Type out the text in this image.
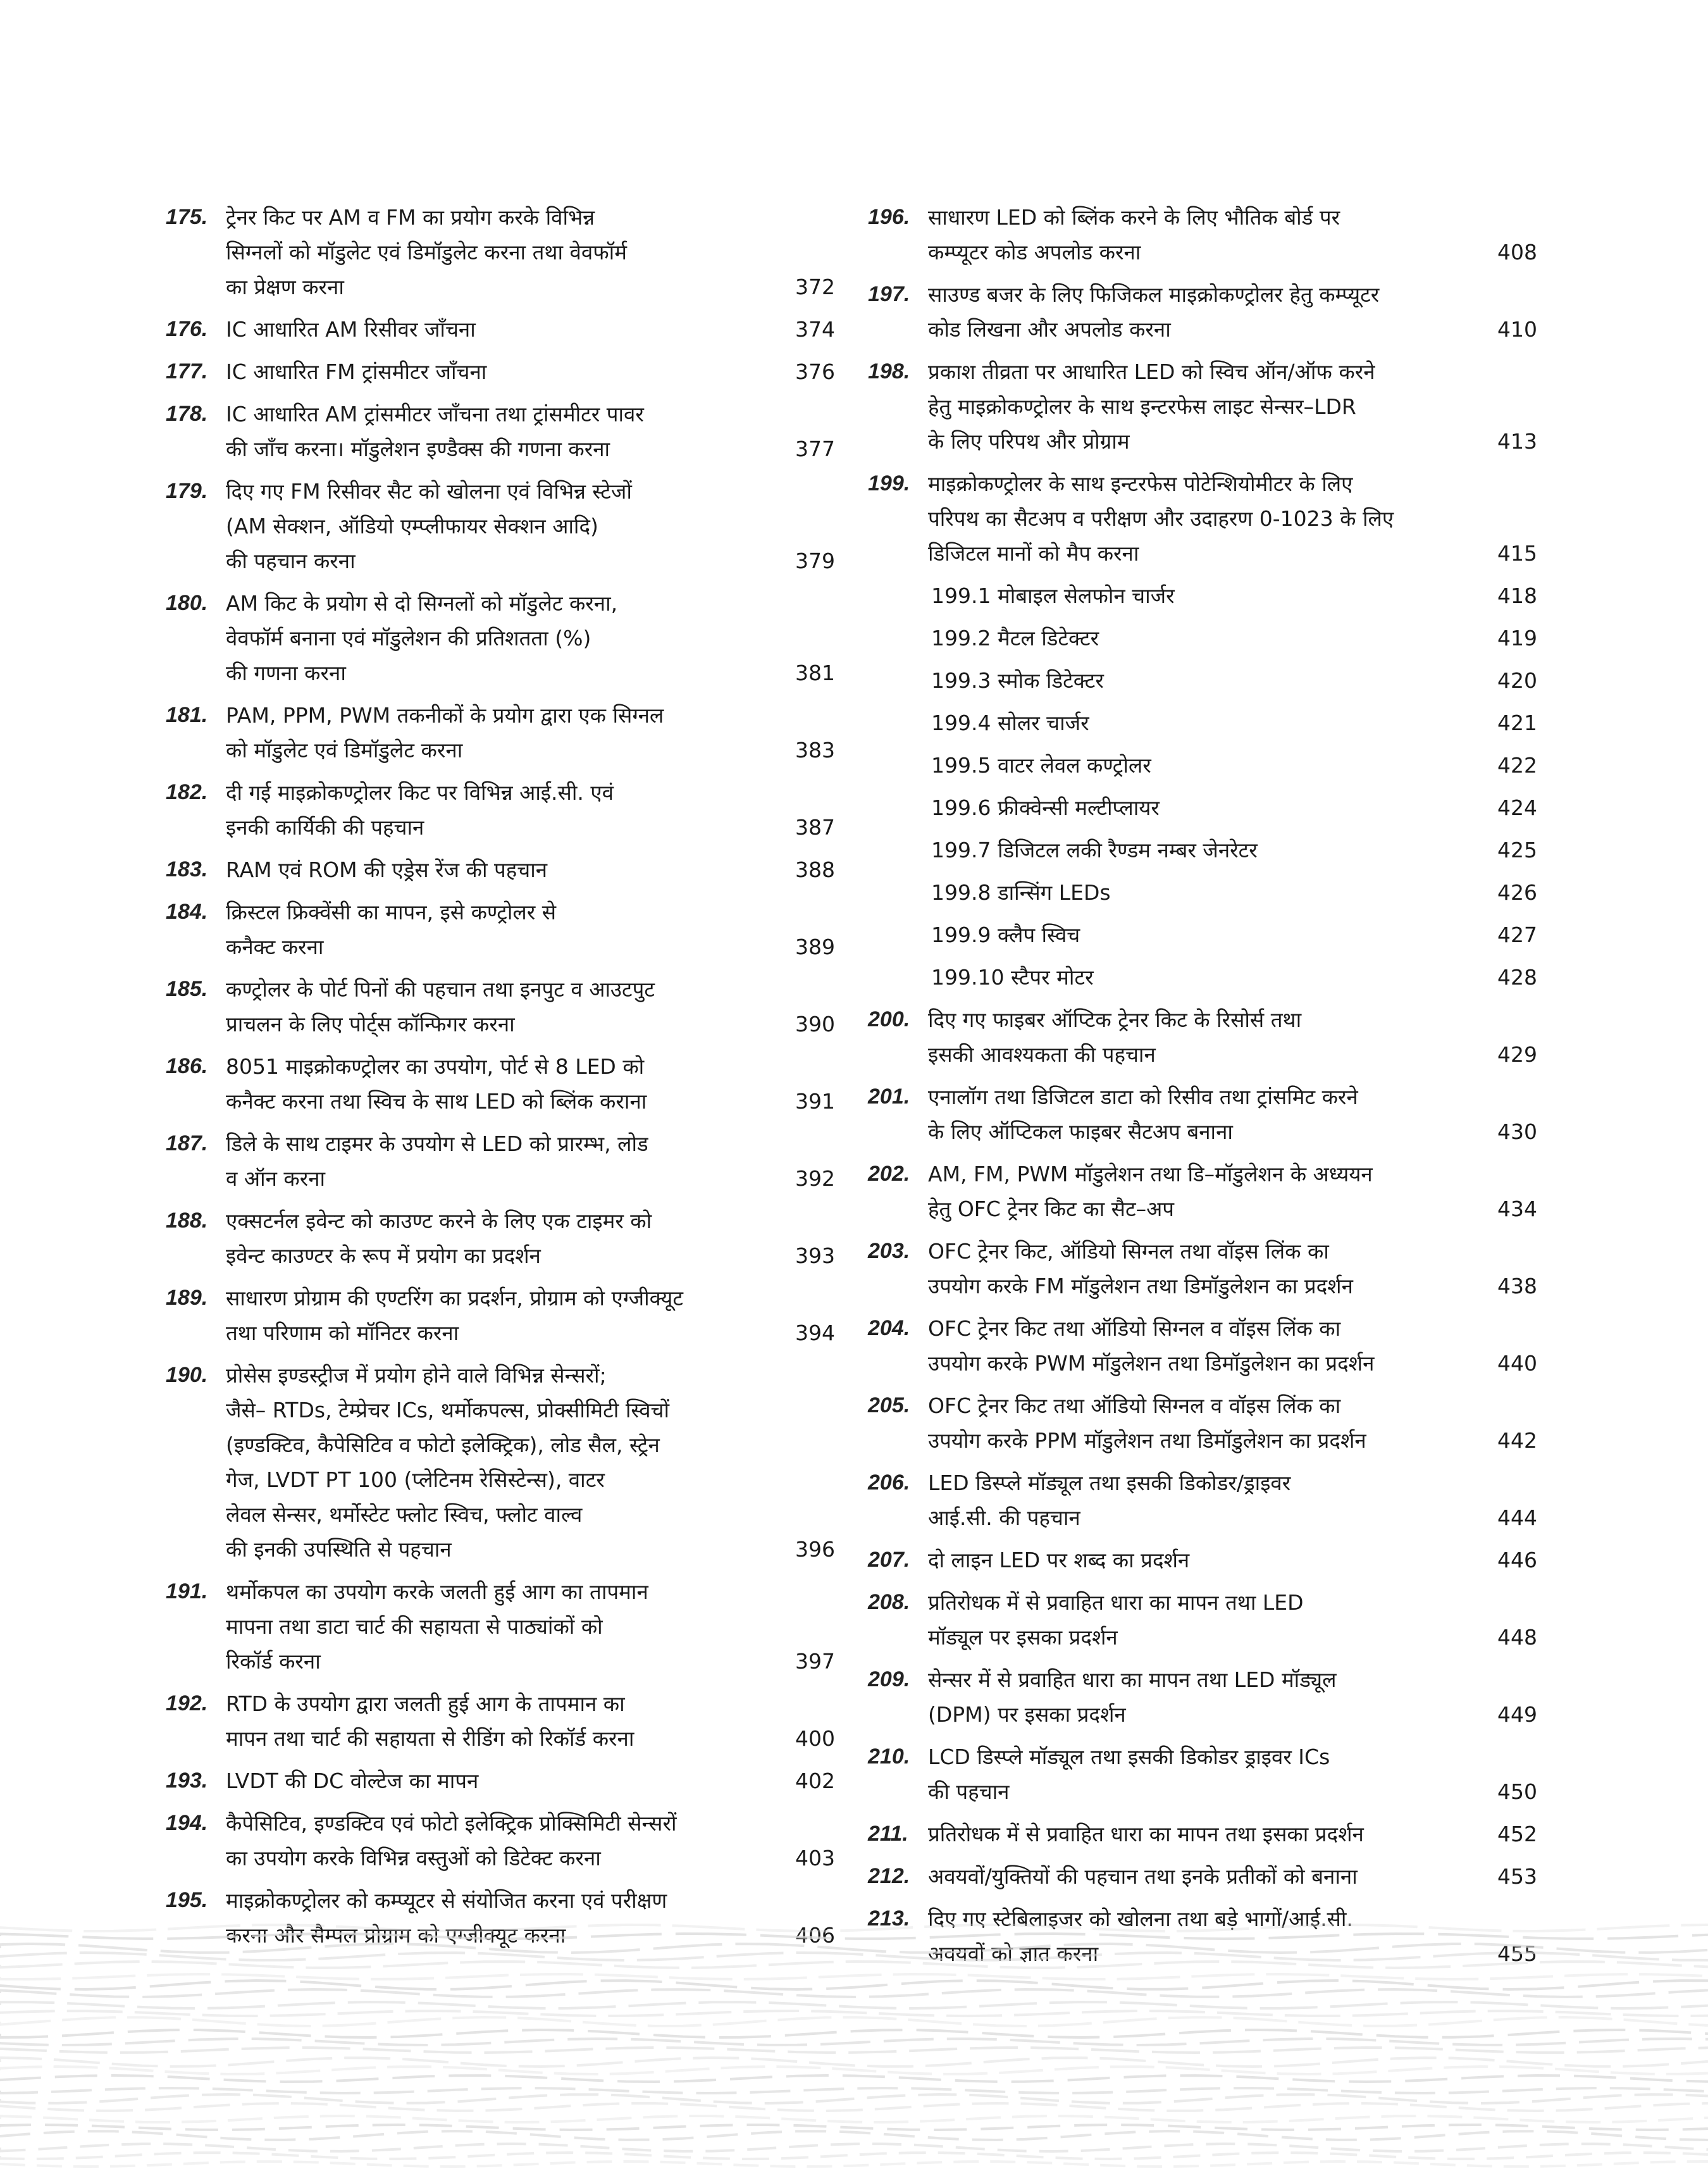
175. ट्रेनर किट पर AM व FM का प्रयोग करके विभिन्न
सिग्नलों को मॉडुलेट एवं डिमॉडुलेट करना तथा वेवफॉर्म
का प्रेक्षण करना	372
176. IC आधारित AM रिसीवर जाँचना	374
177. IC आधारित FM ट्रांसमीटर जाँचना	376
178. IC आधारित AM ट्रांसमीटर जाँचना तथा ट्रांसमीटर पावर
की जाँच करना। मॉडुलेशन इण्डैक्स की गणना करना	377
179. दिए गए FM रिसीवर सैट को खोलना एवं विभिन्न स्टेजों
(AM सेक्शन, ऑडियो एम्प्लीफायर सेक्शन आदि)
की पहचान करना	379
180. AM किट के प्रयोग से दो सिग्नलों को मॉडुलेट करना,
वेवफॉर्म बनाना एवं मॉडुलेशन की प्रतिशतता (%)
की गणना करना	381
181. PAM, PPM, PWM तकनीकों के प्रयोग द्वारा एक सिग्नल
को मॉडुलेट एवं डिमॉडुलेट करना	383
182. दी गई माइक्रोकण्ट्रोलर किट पर विभिन्न आई.सी. एवं
इनकी कार्यिकी की पहचान	387
183. RAM एवं ROM की एड्रेस रेंज की पहचान	388
184. क्रिस्टल फ्रिक्वेंसी का मापन, इसे कण्ट्रोलर से
कनैक्ट करना	389
185. कण्ट्रोलर के पोर्ट पिनों की पहचान तथा इनपुट व आउटपुट
प्राचलन के लिए पोर्ट्स कॉन्फिगर करना	390
186. 8051 माइक्रोकण्ट्रोलर का उपयोग, पोर्ट से 8 LED को
कनैक्ट करना तथा स्विच के साथ LED को ब्लिंक कराना	391
187. डिले के साथ टाइमर के उपयोग से LED को प्रारम्भ, लोड
व ऑन करना	392
188. एक्सटर्नल इवेन्ट को काउण्ट करने के लिए एक टाइमर को
इवेन्ट काउण्टर के रूप में प्रयोग का प्रदर्शन	393
189. साधारण प्रोग्राम की एण्टरिंग का प्रदर्शन, प्रोग्राम को एग्जीक्यूट
तथा परिणाम को मॉनिटर करना	394
190. प्रोसेस इण्डस्ट्रीज में प्रयोग होने वाले विभिन्न सेन्सरों;
जैसे– RTDs, टेम्प्रेचर ICs, थर्मोकपल्स, प्रोक्सीमिटी स्विचों
(इण्डक्टिव, कैपेसिटिव व फोटो इलेक्ट्रिक), लोड सैल, स्ट्रेन
गेज, LVDT PT 100 (प्लेटिनम रेसिस्टेन्स), वाटर
लेवल सेन्सर, थर्मोस्टेट फ्लोट स्विच, फ्लोट वाल्व
की इनकी उपस्थिति से पहचान	396
191. थर्मोकपल का उपयोग करके जलती हुई आग का तापमान
मापना तथा डाटा चार्ट की सहायता से पाठ्यांकों को
रिकॉर्ड करना	397
192. RTD के उपयोग द्वारा जलती हुई आग के तापमान का
मापन तथा चार्ट की सहायता से रीडिंग को रिकॉर्ड करना	400
193. LVDT की DC वोल्टेज का मापन	402
194. कैपेसिटिव, इण्डक्टिव एवं फोटो इलेक्ट्रिक प्रोक्सिमिटी सेन्सरों
का उपयोग करके विभिन्न वस्तुओं को डिटेक्ट करना	403
195. माइक्रोकण्ट्रोलर को कम्प्यूटर से संयोजित करना एवं परीक्षण
करना और सैम्पल प्रोग्राम को एग्जीक्यूट करना	406
196. साधारण LED को ब्लिंक करने के लिए भौतिक बोर्ड पर
कम्प्यूटर कोड अपलोड करना	408
197. साउण्ड बजर के लिए फिजिकल माइक्रोकण्ट्रोलर हेतु कम्प्यूटर
कोड लिखना और अपलोड करना	410
198. प्रकाश तीव्रता पर आधारित LED को स्विच ऑन/ऑफ करने
हेतु माइक्रोकण्ट्रोलर के साथ इन्टरफेस लाइट सेन्सर–LDR
के लिए परिपथ और प्रोग्राम	413
199. माइक्रोकण्ट्रोलर के साथ इन्टरफेस पोटेन्शियोमीटर के लिए
परिपथ का सैटअप व परीक्षण और उदाहरण 0-1023 के लिए
डिजिटल मानों को मैप करना	415
199.1 मोबाइल सेलफोन चार्जर	418
199.2 मैटल डिटेक्टर	419
199.3 स्मोक डिटेक्टर	420
199.4 सोलर चार्जर	421
199.5 वाटर लेवल कण्ट्रोलर	422
199.6 फ्रीक्वेन्सी मल्टीप्लायर	424
199.7 डिजिटल लकी रैण्डम नम्बर जेनरेटर	425
199.8 डान्सिंग LEDs	426
199.9 क्लैप स्विच	427
199.10 स्टैपर मोटर	428
200. दिए गए फाइबर ऑप्टिक ट्रेनर किट के रिसोर्स तथा
इसकी आवश्यकता की पहचान	429
201. एनालॉग तथा डिजिटल डाटा को रिसीव तथा ट्रांसमिट करने
के लिए ऑप्टिकल फाइबर सैटअप बनाना	430
202. AM, FM, PWM मॉडुलेशन तथा डि–मॉडुलेशन के अध्ययन
हेतु OFC ट्रेनर किट का सैट–अप	434
203. OFC ट्रेनर किट, ऑडियो सिग्नल तथा वॉइस लिंक का
उपयोग करके FM मॉडुलेशन तथा डिमॉडुलेशन का प्रदर्शन	438
204. OFC ट्रेनर किट तथा ऑडियो सिग्नल व वॉइस लिंक का
उपयोग करके PWM मॉडुलेशन तथा डिमॉडुलेशन का प्रदर्शन	440
205. OFC ट्रेनर किट तथा ऑडियो सिग्नल व वॉइस लिंक का
उपयोग करके PPM मॉडुलेशन तथा डिमॉडुलेशन का प्रदर्शन	442
206. LED डिस्प्ले मॉड्यूल तथा इसकी डिकोडर/ड्राइवर
आई.सी. की पहचान	444
207. दो लाइन LED पर शब्द का प्रदर्शन	446
208. प्रतिरोधक में से प्रवाहित धारा का मापन तथा LED
मॉड्यूल पर इसका प्रदर्शन	448
209. सेन्सर में से प्रवाहित धारा का मापन तथा LED मॉड्यूल
(DPM) पर इसका प्रदर्शन	449
210. LCD डिस्प्ले मॉड्यूल तथा इसकी डिकोडर ड्राइवर ICs
की पहचान	450
211. प्रतिरोधक में से प्रवाहित धारा का मापन तथा इसका प्रदर्शन	452
212. अवयवों/युक्तियों की पहचान तथा इनके प्रतीकों को बनाना	453
213. दिए गए स्टेबिलाइजर को खोलना तथा बड़े भागों/आई.सी.
अवयवों को ज्ञात करना	455
